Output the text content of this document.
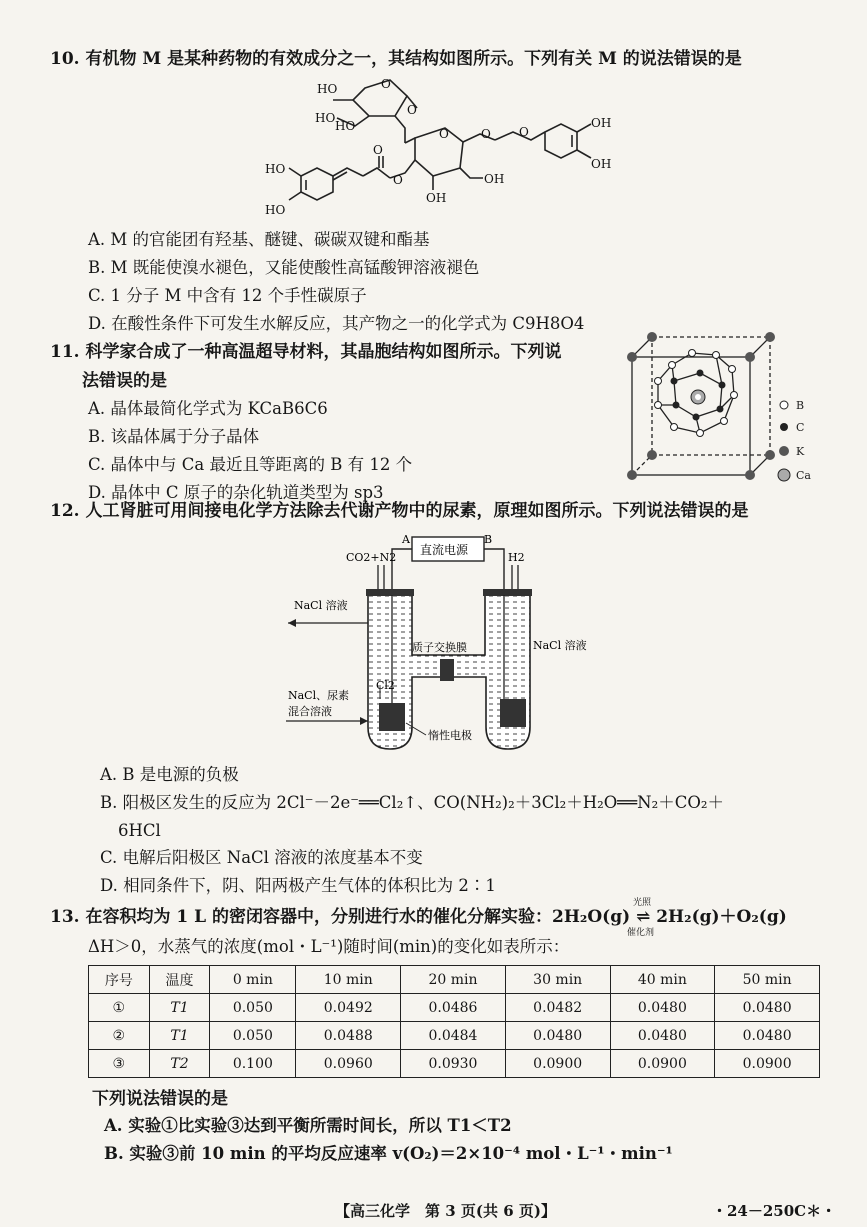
10. 有机物 M 是某种药物的有效成分之一，其结构如图所示。下列有关 M 的说法错误的是
HO
HO
HO
O
O
O	O
O
O	OH
OH
HO
HO
OH
OH
O
A. M 的官能团有羟基、醚键、碳碳双键和酯基
B. M 既能使溴水褪色，又能使酸性高锰酸钾溶液褪色
C. 1 分子 M 中含有 12 个手性碳原子
D. 在酸性条件下可发生水解反应，其产物之一的化学式为 C9H8O4
11. 科学家合成了一种高温超导材料，其晶胞结构如图所示。下列说
法错误的是
A. 晶体最简化学式为 KCaB6C6
B. 该晶体属于分子晶体
C. 晶体中与 Ca 最近且等距离的 B 有 12 个
D. 晶体中 C 原子的杂化轨道类型为 sp3
B
C
K
Ca
12. 人工肾脏可用间接电化学方法除去代谢产物中的尿素，原理如图所示。下列说法错误的是
直流电源
A	B
CO2+N2	H2
质子交换膜	NaCl 溶液
NaCl 溶液
Cl2
NaCl、尿素
混合溶液
惰性电极
A. B 是电源的负极
B. 阳极区发生的反应为 2Cl⁻－2e⁻══Cl₂↑、CO(NH₂)₂＋3Cl₂＋H₂O══N₂＋CO₂＋
6HCl
C. 电解后阳极区 NaCl 溶液的浓度基本不变
D. 相同条件下，阴、阳两极产生气体的体积比为 2∶1
13. 在容积均为 1 L 的密闭容器中，分别进行水的催化分解实验：2H₂O(g) ⇌ 2H₂(g)＋O₂(g)
光照
催化剂
ΔH＞0，水蒸气的浓度(mol・L⁻¹)随时间(min)的变化如表所示：
序号	温度	0 min	10 min	20 min	30 min	40 min	50 min
①	T1	0.050	0.0492	0.0486	0.0482	0.0480	0.0480
②	T1	0.050	0.0488	0.0484	0.0480	0.0480	0.0480
③	T2	0.100	0.0960	0.0930	0.0900	0.0900	0.0900
下列说法错误的是
A. 实验①比实验③达到平衡所需时间长，所以 T1＜T2
B. 实验③前 10 min 的平均反应速率 v(O₂)＝2×10⁻⁴ mol・L⁻¹・min⁻¹
【高三化学　第 3 页(共 6 页)】	・24－250C＊・
